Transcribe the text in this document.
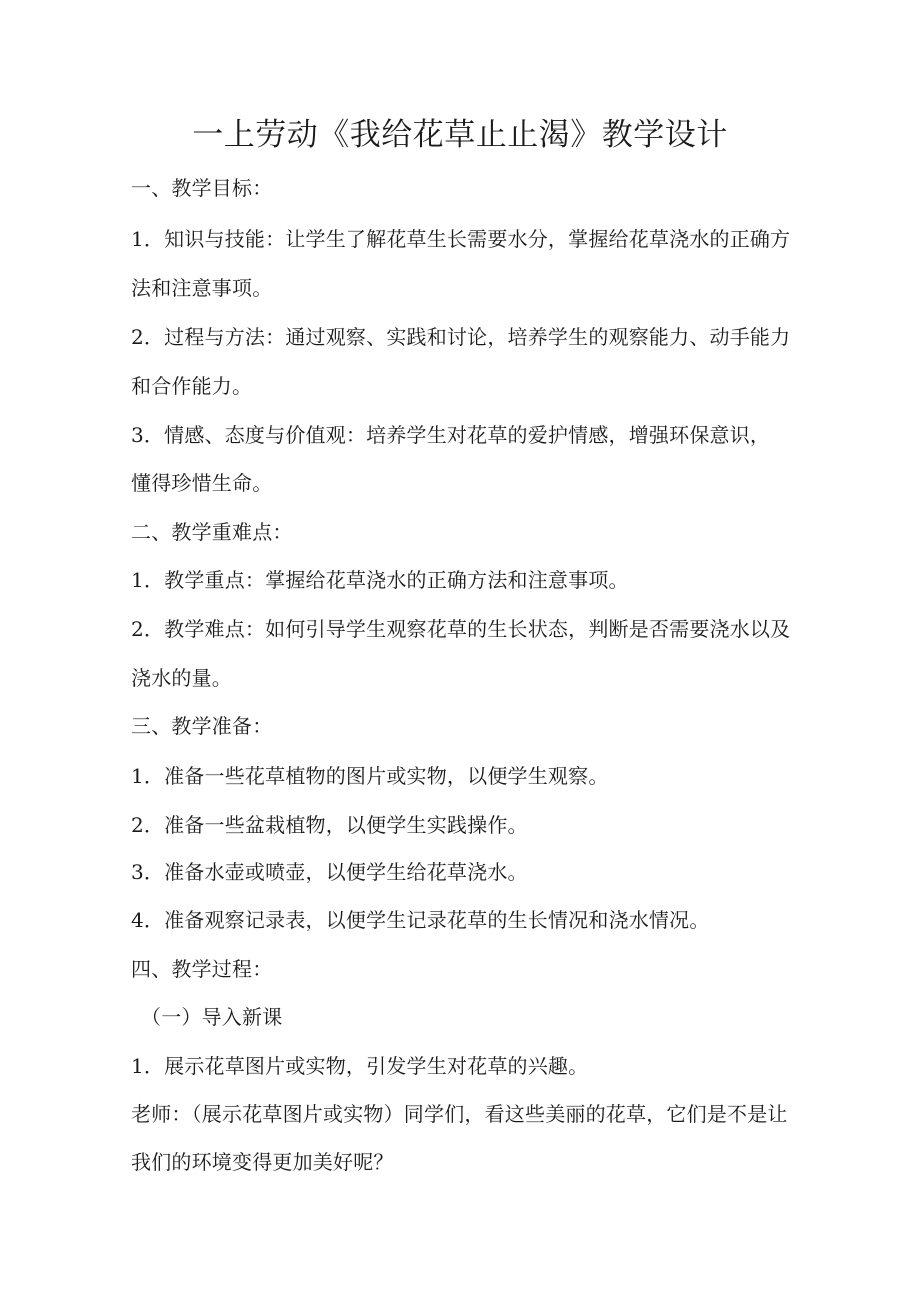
一上劳动《我给花草止止渴》教学设计
一、教学目标：
1．知识与技能：让学生了解花草生长需要水分，掌握给花草浇水的正确方
法和注意事项。
2．过程与方法：通过观察、实践和讨论，培养学生的观察能力、动手能力
和合作能力。
3．情感、态度与价值观：培养学生对花草的爱护情感，增强环保意识，
懂得珍惜生命。
二、教学重难点：
1．教学重点：掌握给花草浇水的正确方法和注意事项。
2．教学难点：如何引导学生观察花草的生长状态，判断是否需要浇水以及
浇水的量。
三、教学准备：
1．准备一些花草植物的图片或实物，以便学生观察。
2．准备一些盆栽植物，以便学生实践操作。
3．准备水壶或喷壶，以便学生给花草浇水。
4．准备观察记录表，以便学生记录花草的生长情况和浇水情况。
四、教学过程：
（一）导入新课
1．展示花草图片或实物，引发学生对花草的兴趣。
老师：（展示花草图片或实物）同学们，看这些美丽的花草，它们是不是让
我们的环境变得更加美好呢？
